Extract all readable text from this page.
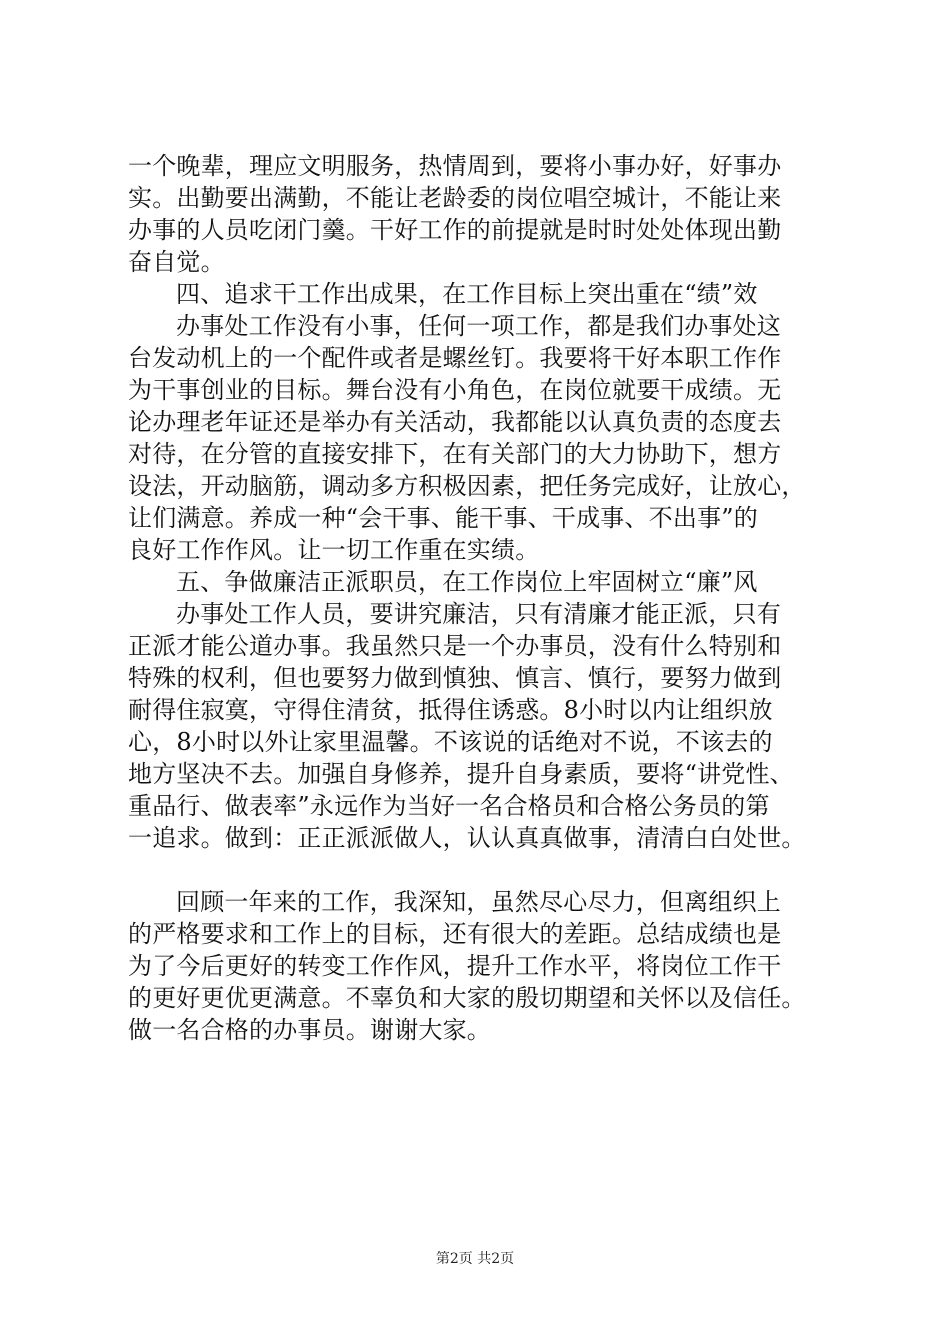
一个晚辈，理应文明服务，热情周到，要将小事办好，好事办
实。出勤要出满勤，不能让老龄委的岗位唱空城计，不能让来
办事的人员吃闭门羹。干好工作的前提就是时时处处体现出勤
奋自觉。
四、追求干工作出成果，在工作目标上突出重在“绩”效
办事处工作没有小事，任何一项工作，都是我们办事处这
台发动机上的一个配件或者是螺丝钉。我要将干好本职工作作
为干事创业的目标。舞台没有小角色，在岗位就要干成绩。无
论办理老年证还是举办有关活动，我都能以认真负责的态度去
对待，在分管的直接安排下，在有关部门的大力协助下，想方
设法，开动脑筋，调动多方积极因素，把任务完成好，让放心，
让们满意。养成一种“会干事、能干事、干成事、不出事”的
良好工作作风。让一切工作重在实绩。
五、争做廉洁正派职员，在工作岗位上牢固树立“廉”风
办事处工作人员，要讲究廉洁，只有清廉才能正派，只有
正派才能公道办事。我虽然只是一个办事员，没有什么特别和
特殊的权利，但也要努力做到慎独、慎言、慎行，要努力做到
耐得住寂寞，守得住清贫，抵得住诱惑。8小时以内让组织放
心，8小时以外让家里温馨。不该说的话绝对不说，不该去的
地方坚决不去。加强自身修养，提升自身素质，要将“讲党性、
重品行、做表率”永远作为当好一名合格员和合格公务员的第
一追求。做到：正正派派做人，认认真真做事，清清白白处世。
回顾一年来的工作，我深知，虽然尽心尽力，但离组织上
的严格要求和工作上的目标，还有很大的差距。总结成绩也是
为了今后更好的转变工作作风，提升工作水平，将岗位工作干
的更好更优更满意。不辜负和大家的殷切期望和关怀以及信任。
做一名合格的办事员。谢谢大家。
第2页 共2页
